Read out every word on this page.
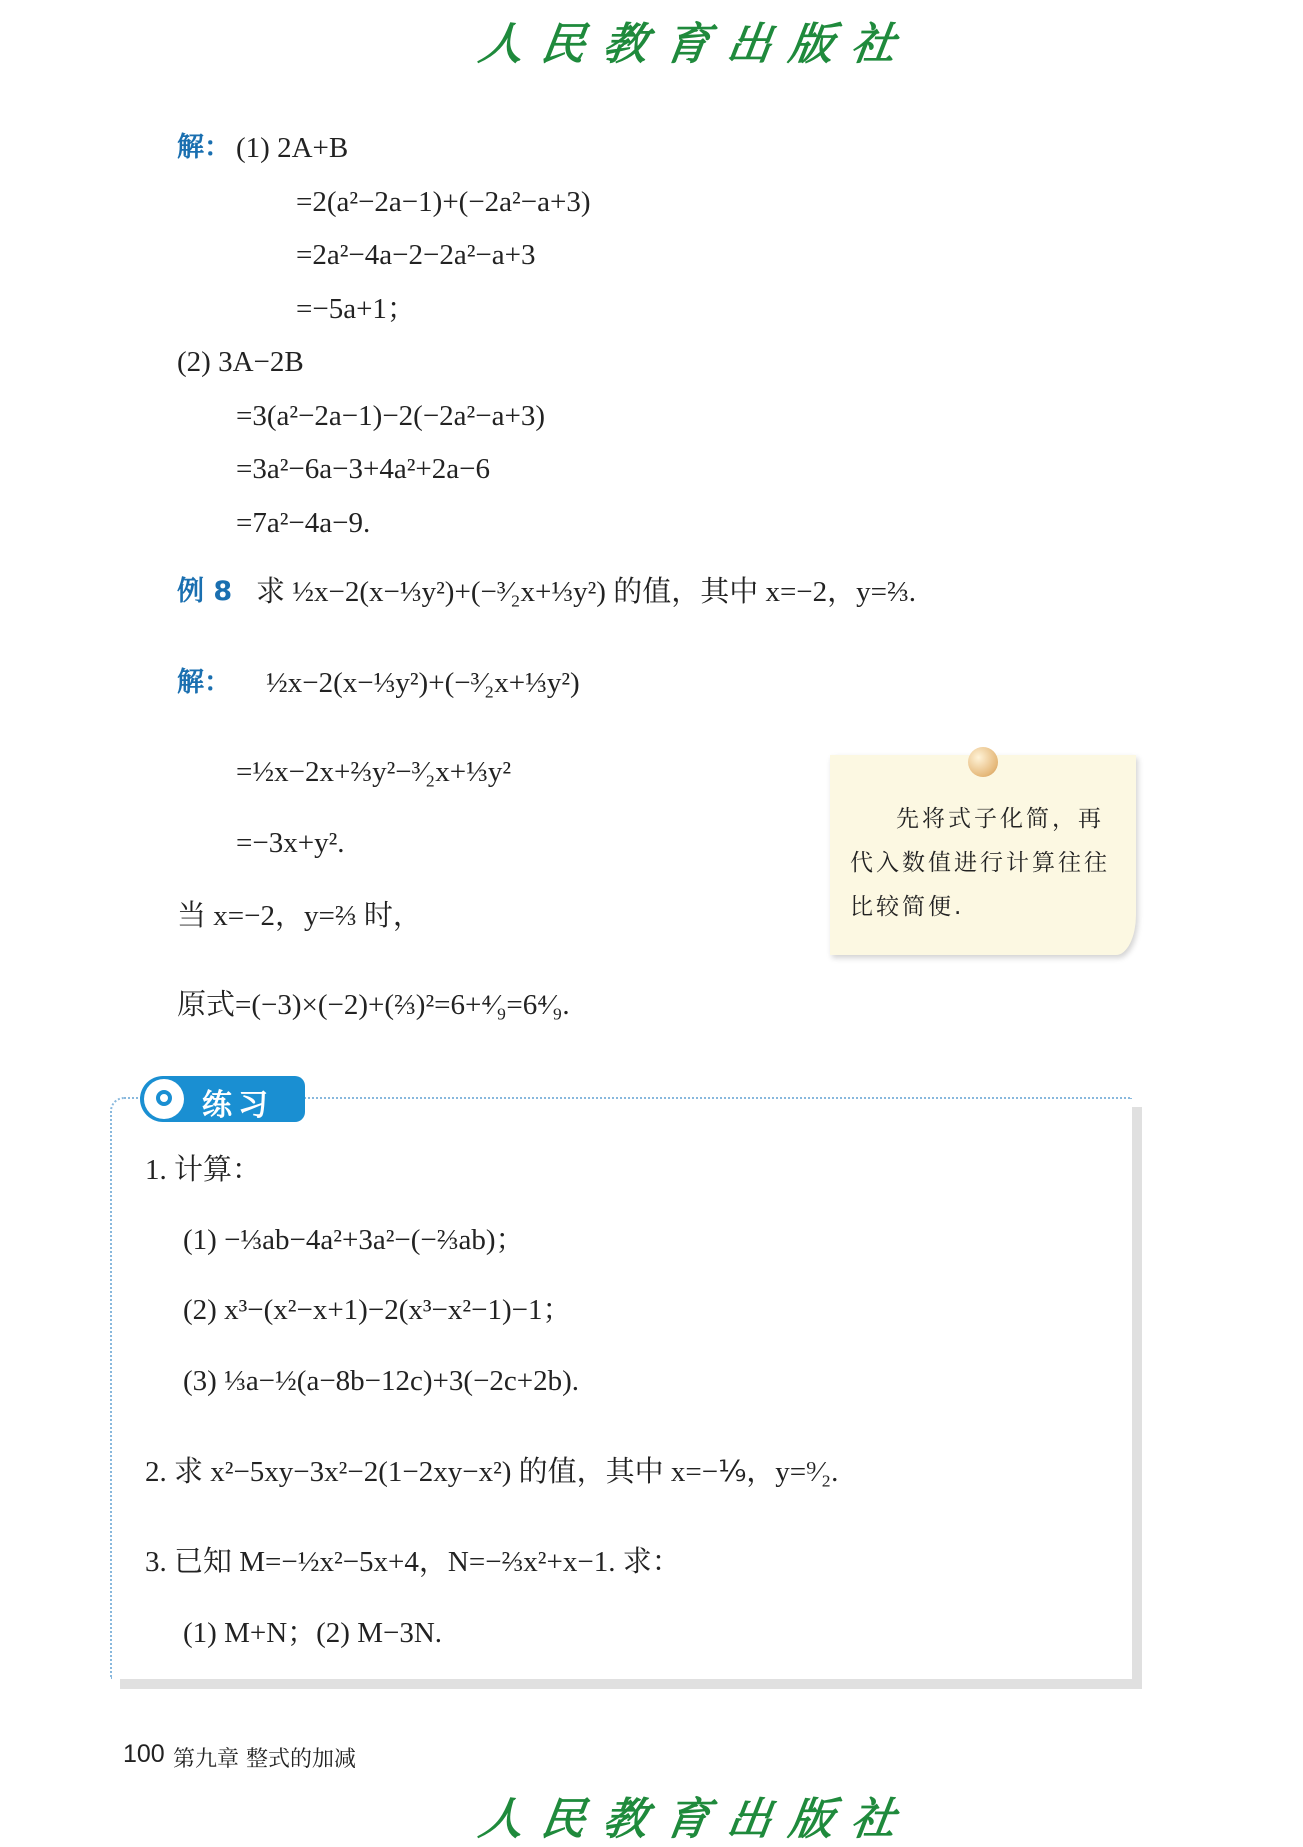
人民教育出版社
解： (1) 2A+B
=2(a²−2a−1)+(−2a²−a+3)
=2a²−4a−2−2a²−a+3
=−5a+1；
(2) 3A−2B
=3(a²−2a−1)−2(−2a²−a+3)
=3a²−6a−3+4a²+2a−6
=7a²−4a−9.
例 8 求 ½x−2(x−⅓y²)+(−³⁄₂x+⅓y²) 的值，其中 x=−2，y=⅔.
解： ½x−2(x−⅓y²)+(−³⁄₂x+⅓y²)
=½x−2x+⅔y²−³⁄₂x+⅓y²
=−3x+y².
当 x=−2，y=⅔ 时，
原式=(−3)×(−2)+(⅔)²=6+⁴⁄₉=6⁴⁄₉.
先将式子化简，再代入数值进行计算往往比较简便.
练习
1. 计算：
(1) −⅓ab−4a²+3a²−(−⅔ab)；
(2) x³−(x²−x+1)−2(x³−x²−1)−1；
(3) ⅓a−½(a−8b−12c)+3(−2c+2b).
2. 求 x²−5xy−3x²−2(1−2xy−x²) 的值，其中 x=−⅑，y=⁹⁄₂.
3. 已知 M=−½x²−5x+4，N=−⅔x²+x−1. 求：
(1) M+N；(2) M−3N.
100 第九章 整式的加减
人民教育出版社
